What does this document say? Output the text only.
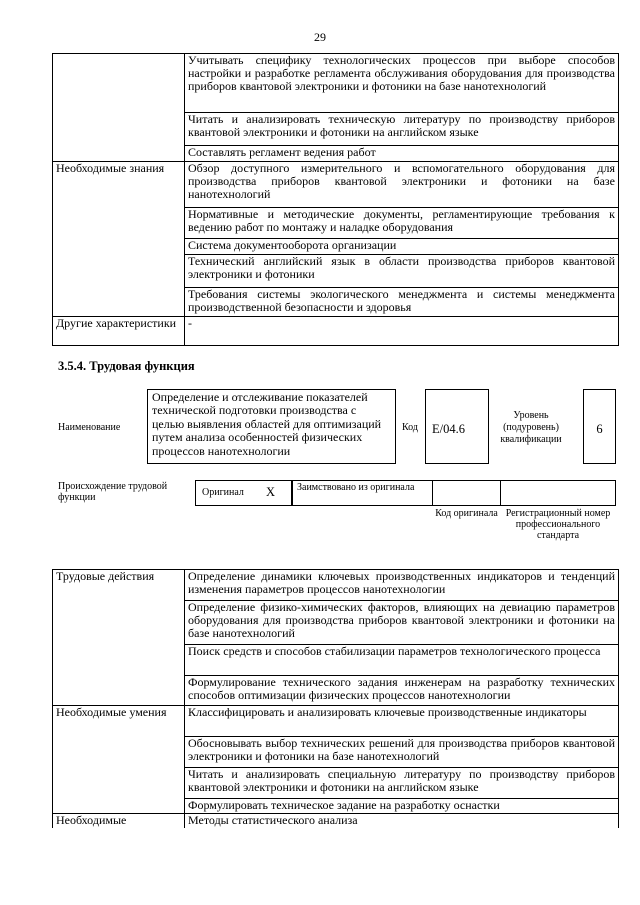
29
	Учитывать специфику технологических процессов при выборе способов настройки и разработке регламента обслуживания оборудования для производства приборов квантовой электроники и фотоники на базе нанотехнологий
	Читать и анализировать техническую литературу по производству приборов квантовой электроники и фотоники на английском языке
	Составлять регламент ведения работ
Необходимые знания	Обзор доступного измерительного и вспомогательного оборудования для производства приборов квантовой электроники и фотоники на базе нанотехнологий
	Нормативные и методические документы, регламентирующие требования к ведению работ по монтажу и наладке оборудования
	Система документооборота организации
	Технический английский язык в области производства приборов квантовой электроники и фотоники
	Требования системы экологического менеджмента и системы менеджмента производственной безопасности и здоровья
Другие характеристики	-
3.5.4. Трудовая функция
Наименование
Определение и отслеживание показателей технической подготовки производства с целью выявления областей для оптимизаций путем анализа особенностей физических процессов нанотехнологии
Код	E/04.6
Уровень (подуровень) квалификации
6
Происхождение трудовой функции	Оригинал X	Заимствовано из оригинала
Код оригинала Регистрационный номер профессионального стандарта
Трудовые действия	Определение динамики ключевых производственных индикаторов и тенденций изменения параметров процессов нанотехнологии
	Определение физико-химических факторов, влияющих на девиацию параметров оборудования для производства приборов квантовой электроники и фотоники на базе нанотехнологий
	Поиск средств и способов стабилизации параметров технологического процесса
	Формулирование технического задания инженерам на разработку технических способов оптимизации физических процессов нанотехнологии
Необходимые умения	Классифицировать и анализировать ключевые производственные индикаторы
	Обосновывать выбор технических решений для производства приборов квантовой электроники и фотоники на базе нанотехнологий
	Читать и анализировать специальную литературу по производству приборов квантовой электроники и фотоники на английском языке
	Формулировать техническое задание на разработку оснастки
Необходимые	Методы статистического анализа
